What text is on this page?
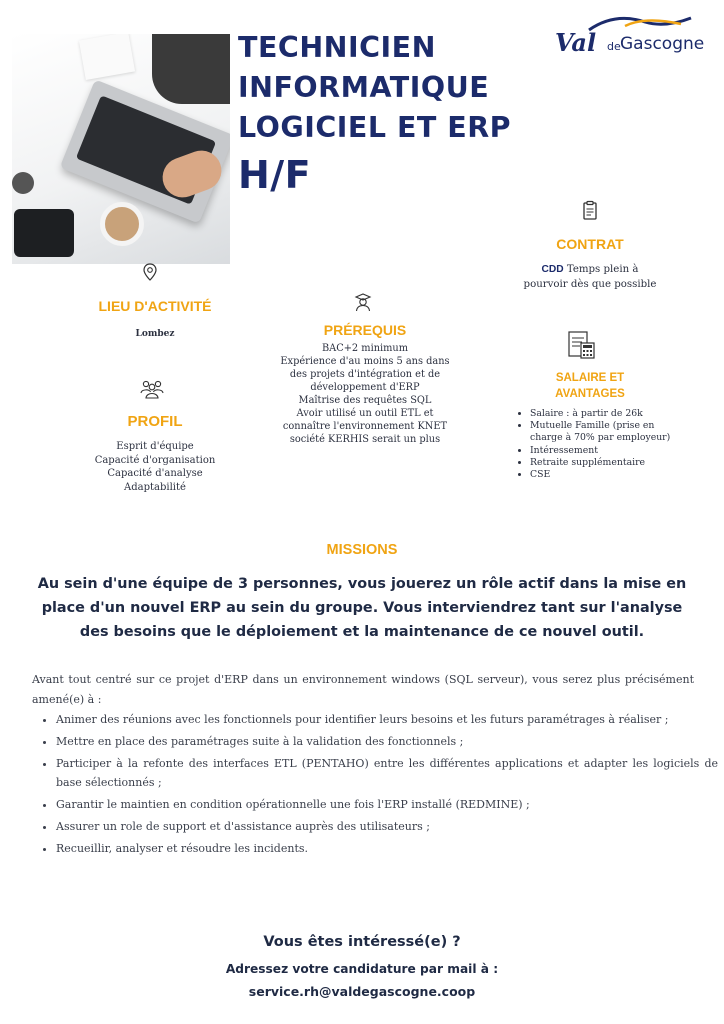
TECHNICIEN
INFORMATIQUE
LOGICIEL ET ERP
H/F
Val de Gascogne
CONTRAT
CDD Temps plein à pourvoir dès que possible
LIEU D'ACTIVITÉ
Lombez	PRÉREQUIS
BAC+2 minimum
Expérience d'au moins 5 ans dans
des projets d'intégration et de
développement d'ERP
Maîtrise des requêtes SQL
Avoir utilisé un outil ETL et
connaître l'environnement KNET
société KERHIS serait un plus
SALAIRE ET
AVANTAGES
• Salaire : à partir de 26k
• Mutuelle Famille (prise en charge à 70% par employeur)
• Intéressement
• Retraite supplémentaire
• CSE
PROFIL
Esprit d'équipe
Capacité d'organisation
Capacité d'analyse
Adaptabilité
MISSIONS
Au sein d'une équipe de 3 personnes, vous jouerez un rôle actif dans la mise en place d'un nouvel ERP au sein du groupe. Vous interviendrez tant sur l'analyse des besoins que le déploiement et la maintenance de ce nouvel outil.
Avant tout centré sur ce projet d'ERP dans un environnement windows (SQL serveur), vous serez plus précisément amené(e) à :
• Animer des réunions avec les fonctionnels pour identifier leurs besoins et les futurs paramétrages à réaliser ;
• Mettre en place des paramétrages suite à la validation des fonctionnels ;
• Participer à la refonte des interfaces ETL (PENTAHO) entre les différentes applications et adapter les logiciels de base sélectionnés ;
• Garantir le maintien en condition opérationnelle une fois l'ERP installé (REDMINE) ;
• Assurer un role de support et d'assistance auprès des utilisateurs ;
• Recueillir, analyser et résoudre les incidents.
Vous êtes intéressé(e) ?
Adressez votre candidature par mail à :
service.rh@valdegascogne.coop
